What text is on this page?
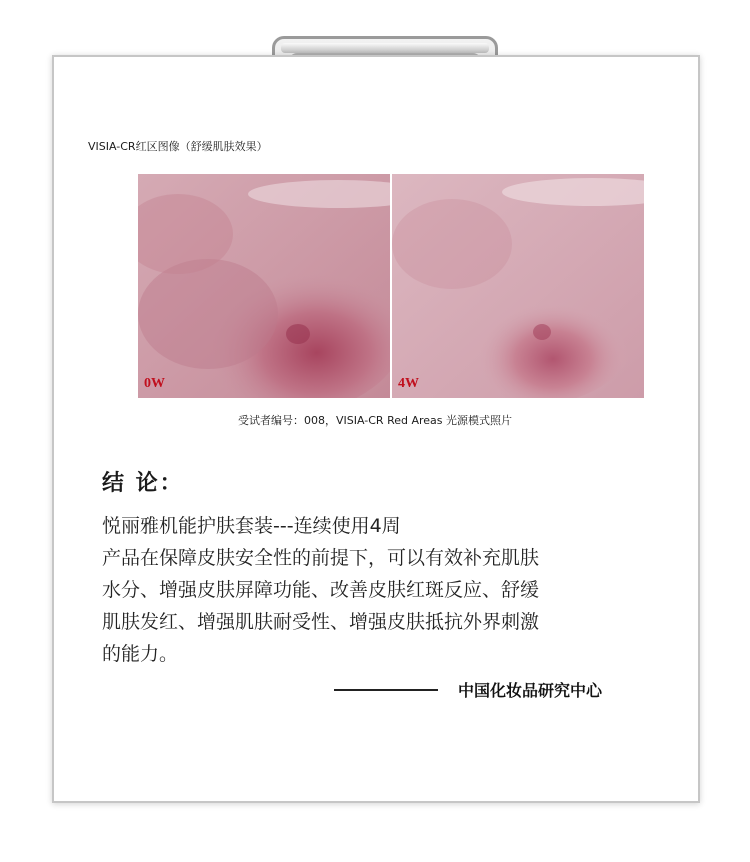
VISIA-CR红区图像（舒缓肌肤效果）
0W	4W
受试者编号：008，VISIA-CR Red Areas 光源模式照片
结 论：
悦丽雅机能护肤套装---连续使用4周
产品在保障皮肤安全性的前提下，可以有效补充肌肤
水分、增强皮肤屏障功能、改善皮肤红斑反应、舒缓
肌肤发红、增强肌肤耐受性、增强皮肤抵抗外界刺激
的能力。
中国化妆品研究中心
